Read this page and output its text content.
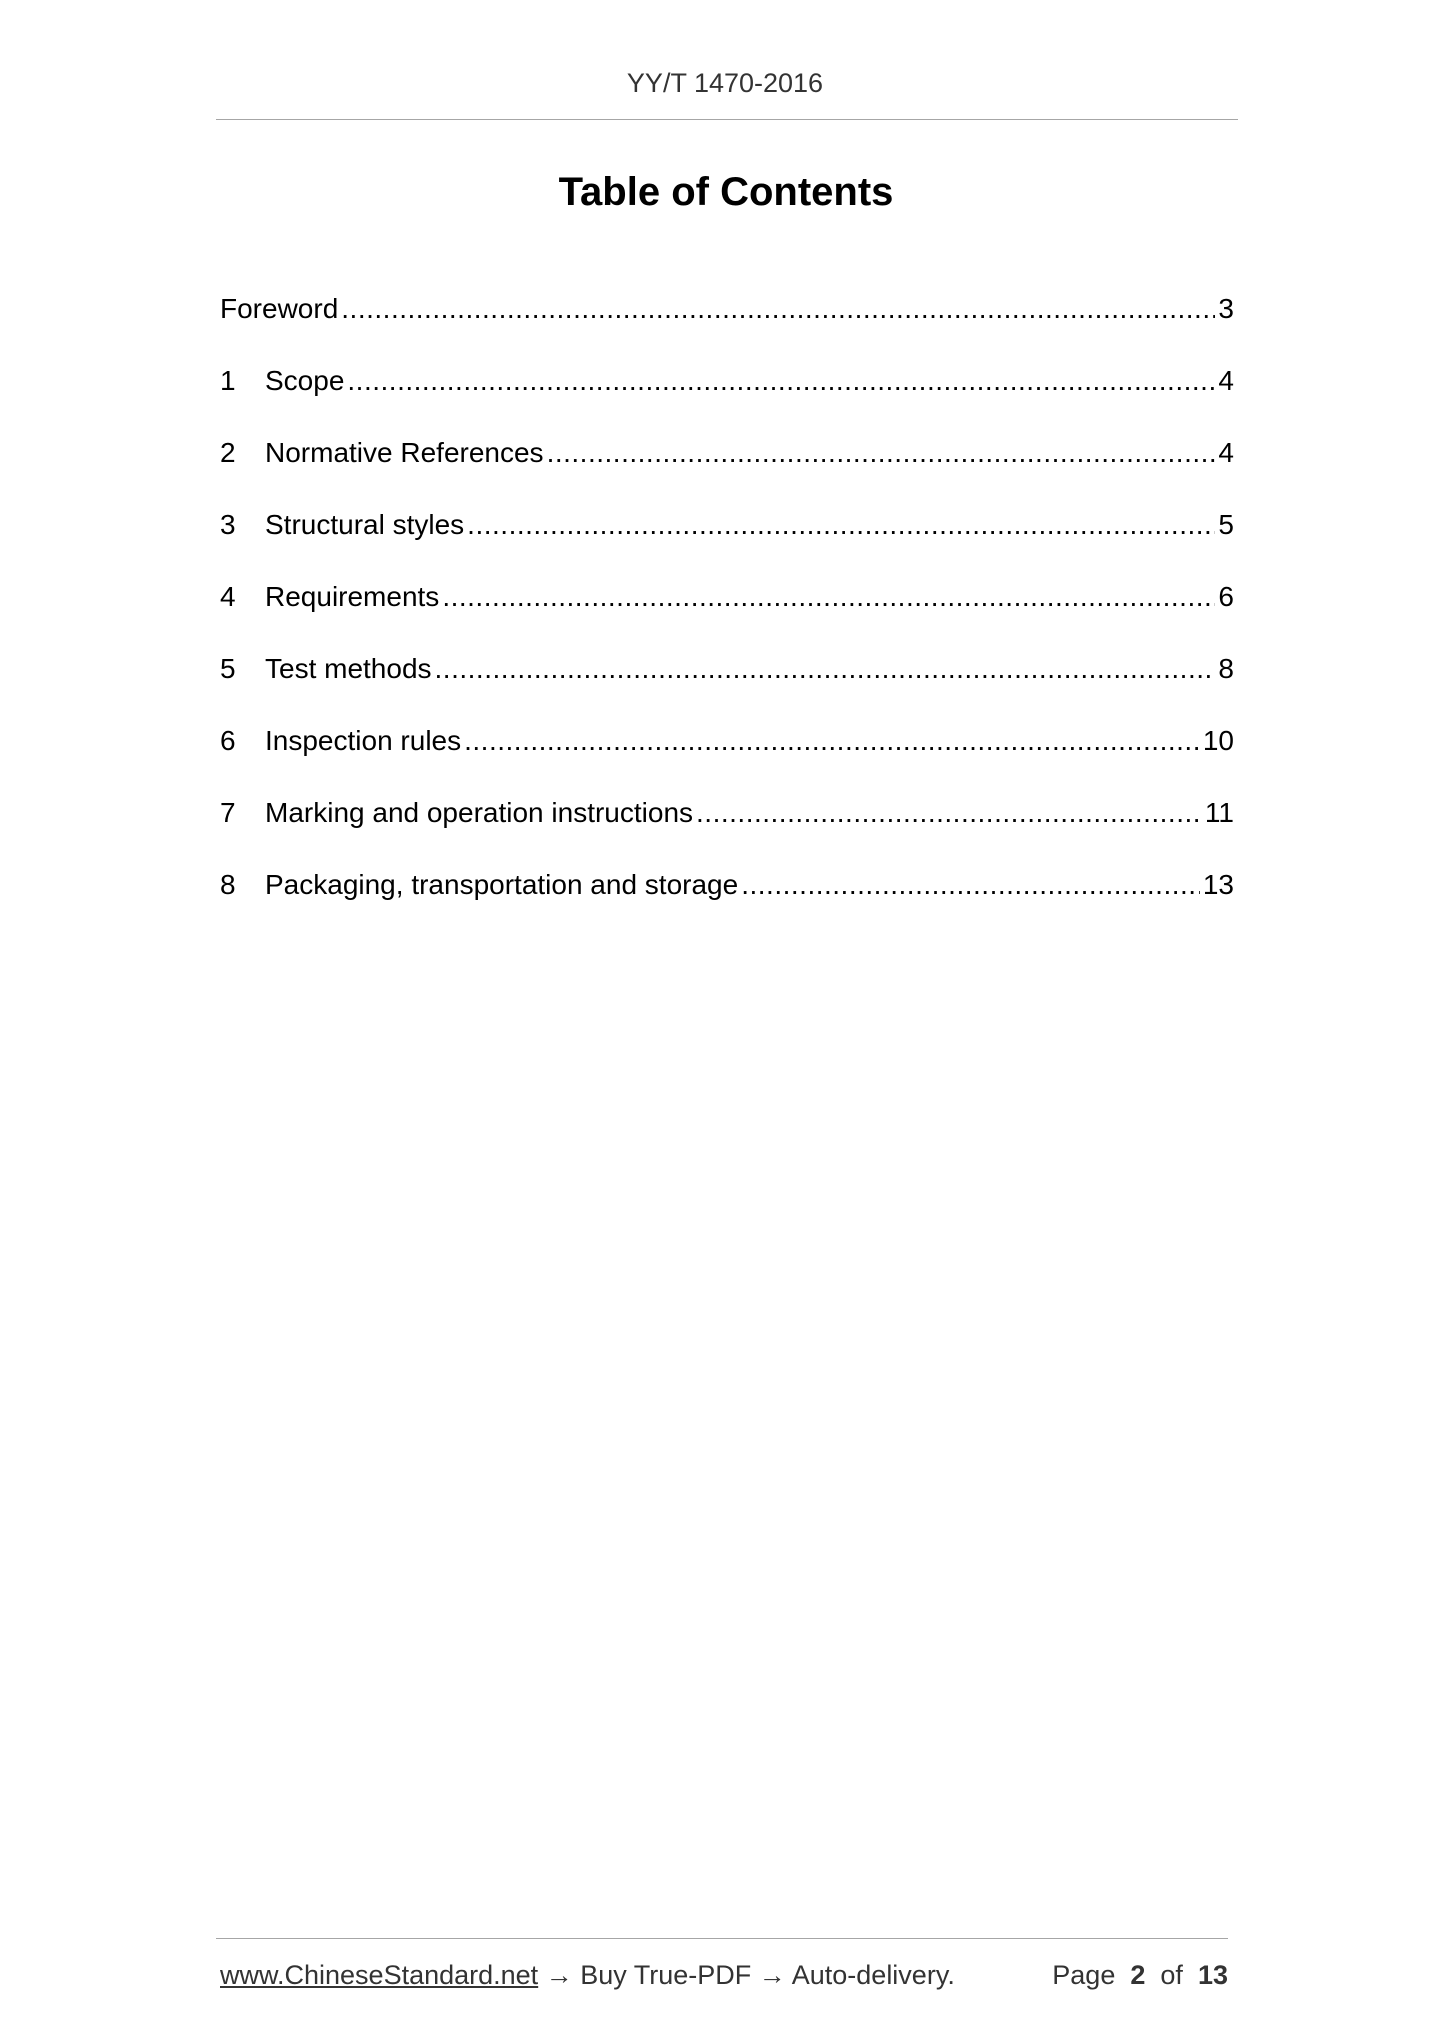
YY/T 1470-2016
Table of Contents
Foreword .....	3
1	Scope .....	4
2	Normative References .....	4
3	Structural styles .....	5
4	Requirements .....	6
5	Test methods .....	8
6	Inspection rules .....	10
7	Marking and operation instructions .....	11
8	Packaging, transportation and storage .....	13
www.ChineseStandard.net → Buy True-PDF → Auto-delivery.	Page 2 of 13
